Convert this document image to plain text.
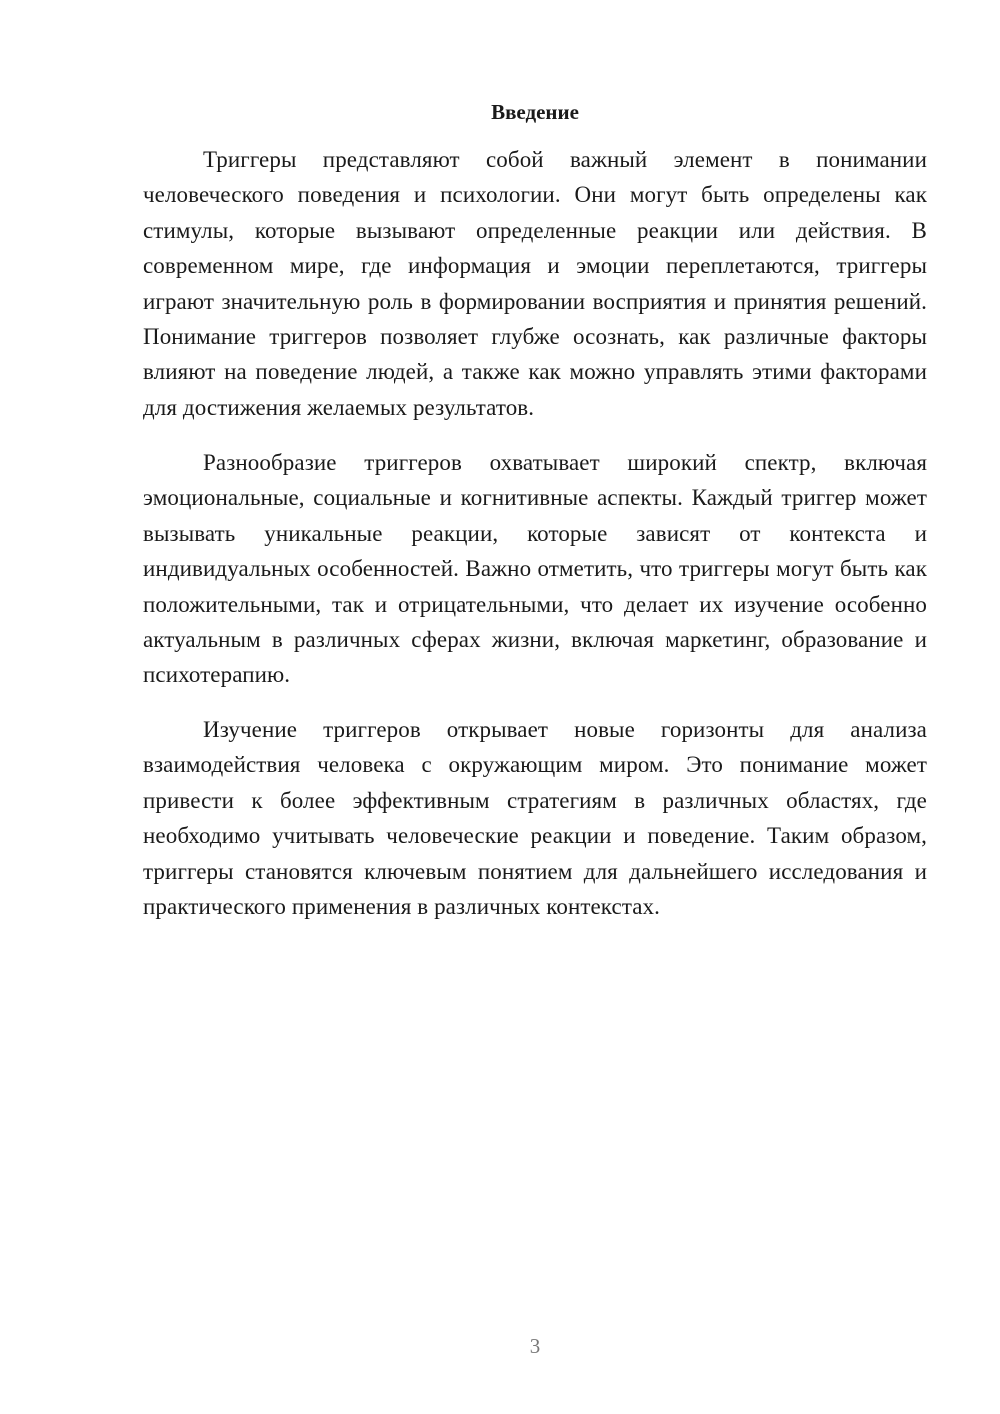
Введение

Триггеры представляют собой важный элемент в понимании человеческого поведения и психологии. Они могут быть определены как стимулы, которые вызывают определенные реакции или действия. В современном мире, где информация и эмоции переплетаются, триггеры играют значительную роль в формировании восприятия и принятия решений. Понимание триггеров позволяет глубже осознать, как различные факторы влияют на поведение людей, а также как можно управлять этими факторами для достижения желаемых результатов.

Разнообразие триггеров охватывает широкий спектр, включая эмоциональные, социальные и когнитивные аспекты. Каждый триггер может вызывать уникальные реакции, которые зависят от контекста и индивидуальных особенностей. Важно отметить, что триггеры могут быть как положительными, так и отрицательными, что делает их изучение особенно актуальным в различных сферах жизни, включая маркетинг, образование и психотерапию.

Изучение триггеров открывает новые горизонты для анализа взаимодействия человека с окружающим миром. Это понимание может привести к более эффективным стратегиям в различных областях, где необходимо учитывать человеческие реакции и поведение. Таким образом, триггеры становятся ключевым понятием для дальнейшего исследования и практического применения в различных контекстах.

3
